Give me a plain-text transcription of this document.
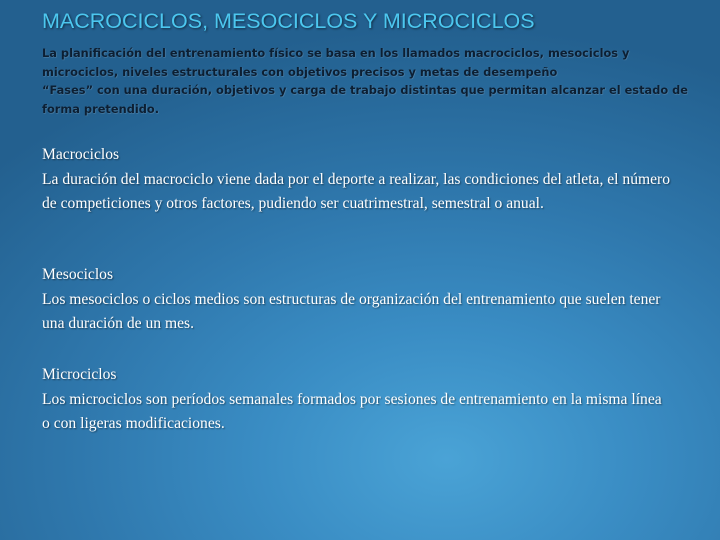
MACROCICLOS, MESOCICLOS Y MICROCICLOS

La planificación del entrenamiento físico se basa en los llamados macrociclos, mesociclos y microciclos, niveles estructurales con objetivos precisos y metas de desempeño

“Fases” con una duración, objetivos y carga de trabajo distintas que permitan alcanzar el estado de forma pretendido.

Macrociclos

La duración del macrociclo viene dada por el deporte a realizar, las condiciones del atleta, el número de competiciones y otros factores, pudiendo ser cuatrimestral, semestral o anual.

Mesociclos

Los mesociclos o ciclos medios son estructuras de organización del entrenamiento que suelen tener una duración de un mes.

Microciclos

Los microciclos son períodos semanales formados por sesiones de entrenamiento en la misma línea o con ligeras modificaciones.
